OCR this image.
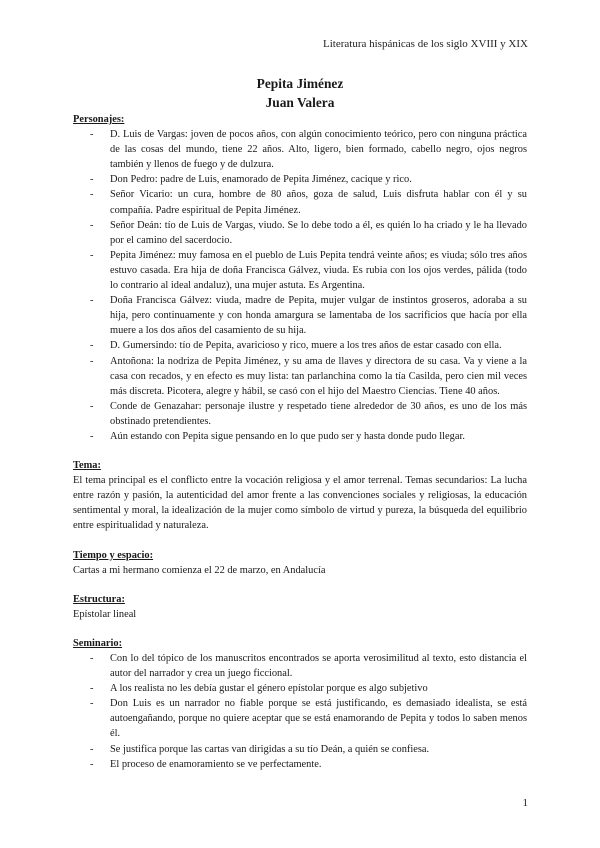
Literatura hispánicas de los siglo XVIII y XIX
Pepita Jiménez
Juan Valera
Personajes:
- D. Luis de Vargas: joven de pocos años, con algún conocimiento teórico, pero con ninguna práctica de las cosas del mundo, tiene 22 años. Alto, ligero, bien formado, cabello negro, ojos negros también y llenos de fuego y de dulzura.
- Don Pedro: padre de Luis, enamorado de Pepita Jiménez, cacique y rico.
- Señor Vicario: un cura, hombre de 80 años, goza de salud, Luis disfruta hablar con él y su compañía. Padre espiritual de Pepita Jiménez.
- Señor Deán: tío de Luis de Vargas, viudo. Se lo debe todo a él, es quién lo ha criado y le ha llevado por el camino del sacerdocio.
- Pepita Jiménez: muy famosa en el pueblo de Luis Pepita tendrá veinte años; es viuda; sólo tres años estuvo casada. Era hija de doña Francisca Gálvez, viuda. Es rubia con los ojos verdes, pálida (todo lo contrario al ideal andaluz), una mujer astuta. Es Argentina.
- Doña Francisca Gálvez: viuda, madre de Pepita, mujer vulgar de instintos groseros, adoraba a su hija, pero continuamente y con honda amargura se lamentaba de los sacrificios que hacía por ella muere a los dos años del casamiento de su hija.
- D. Gumersindo: tío de Pepita, avaricioso y rico, muere a los tres años de estar casado con ella.
- Antoñona: la nodriza de Pepita Jiménez, y su ama de llaves y directora de su casa. Va y viene a la casa con recados, y en efecto es muy lista: tan parlanchina como la tía Casilda, pero cien mil veces más discreta. Picotera, alegre y hábil, se casó con el hijo del Maestro Ciencias. Tiene 40 años.
- Conde de Genazahar: personaje ilustre y respetado tiene alrededor de 30 años, es uno de los más obstinado pretendientes.
- Aún estando con Pepita sigue pensando en lo que pudo ser y hasta donde pudo llegar.
Tema:

El tema principal es el conflicto entre la vocación religiosa y el amor terrenal. Temas secundarios: La lucha entre razón y pasión, la autenticidad del amor frente a las convenciones sociales y religiosas, la educación sentimental y moral, la idealización de la mujer como símbolo de virtud y pureza, la búsqueda del equilibrio entre espiritualidad y naturaleza.

Tiempo y espacio:

Cartas a mi hermano comienza el 22 de marzo, en Andalucía

Estructura:

Epístolar lineal

Seminario:
- Con lo del tópico de los manuscritos encontrados se aporta verosimilitud al texto, esto distancia el autor del narrador y crea un juego ficcional.
- A los realista no les debía gustar el género epístolar porque es algo subjetivo
- Don Luis es un narrador no fiable porque se está justificando, es demasiado idealista, se está autoengañando, porque no quiere aceptar que se está enamorando de Pepita y todos lo saben menos él.
- Se justifica porque las cartas van dirigidas a su tío Deán, a quién se confiesa.
- El proceso de enamoramiento se ve perfectamente.
1
